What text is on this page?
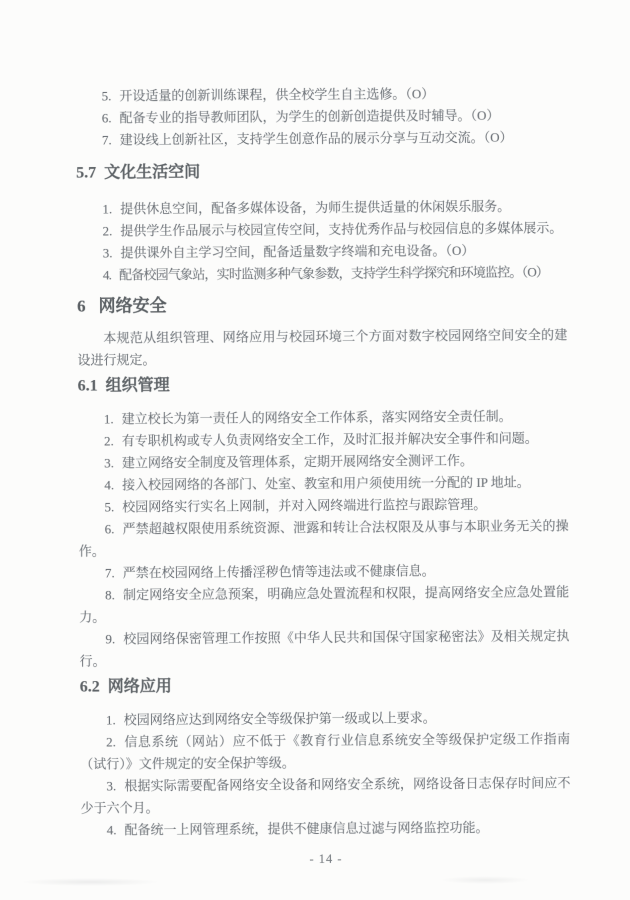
5. 开设适量的创新训练课程，供全校学生自主选修。（O）

6. 配备专业的指导教师团队，为学生的创新创造提供及时辅导。（O）

7. 建设线上创新社区，支持学生创意作品的展示分享与互动交流。（O）

5.7 文化生活空间

1. 提供休息空间，配备多媒体设备，为师生提供适量的休闲娱乐服务。

2. 提供学生作品展示与校园宣传空间，支持优秀作品与校园信息的多媒体展示。

3. 提供课外自主学习空间，配备适量数字终端和充电设备。（O）

4. 配备校园气象站，实时监测多种气象参数，支持学生科学探究和环境监控。（O）

6 网络安全

本规范从组织管理、网络应用与校园环境三个方面对数字校园网络空间安全的建设进行规定。

6.1 组织管理

1. 建立校长为第一责任人的网络安全工作体系，落实网络安全责任制。

2. 有专职机构或专人负责网络安全工作，及时汇报并解决安全事件和问题。

3. 建立网络安全制度及管理体系，定期开展网络安全测评工作。

4. 接入校园网络的各部门、处室、教室和用户须使用统一分配的 IP 地址。

5. 校园网络实行实名上网制，并对入网终端进行监控与跟踪管理。

6. 严禁超越权限使用系统资源、泄露和转让合法权限及从事与本职业务无关的操作。

7. 严禁在校园网络上传播淫秽色情等违法或不健康信息。

8. 制定网络安全应急预案，明确应急处置流程和权限，提高网络安全应急处置能力。

9. 校园网络保密管理工作按照《中华人民共和国保守国家秘密法》及相关规定执行。

6.2 网络应用

1. 校园网络应达到网络安全等级保护第一级或以上要求。

2. 信息系统（网站）应不低于《教育行业信息系统安全等级保护定级工作指南（试行）》文件规定的安全保护等级。

3. 根据实际需要配备网络安全设备和网络安全系统，网络设备日志保存时间应不少于六个月。

4. 配备统一上网管理系统，提供不健康信息过滤与网络监控功能。

- 14 -
